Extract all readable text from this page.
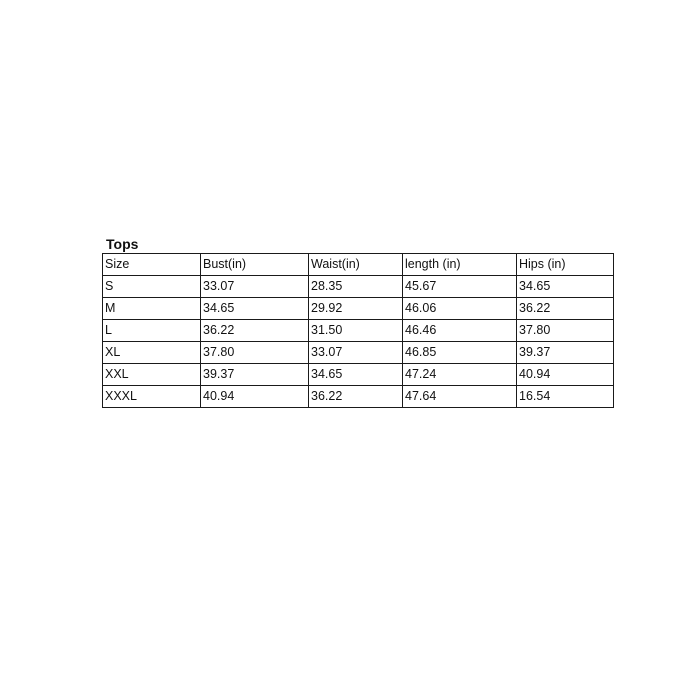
Tops
Size	Bust(in)	Waist(in)	length (in)	Hips (in)
S	33.07	28.35	45.67	34.65
M	34.65	29.92	46.06	36.22
L	36.22	31.50	46.46	37.80
XL	37.80	33.07	46.85	39.37
XXL	39.37	34.65	47.24	40.94
XXXL	40.94	36.22	47.64	16.54
